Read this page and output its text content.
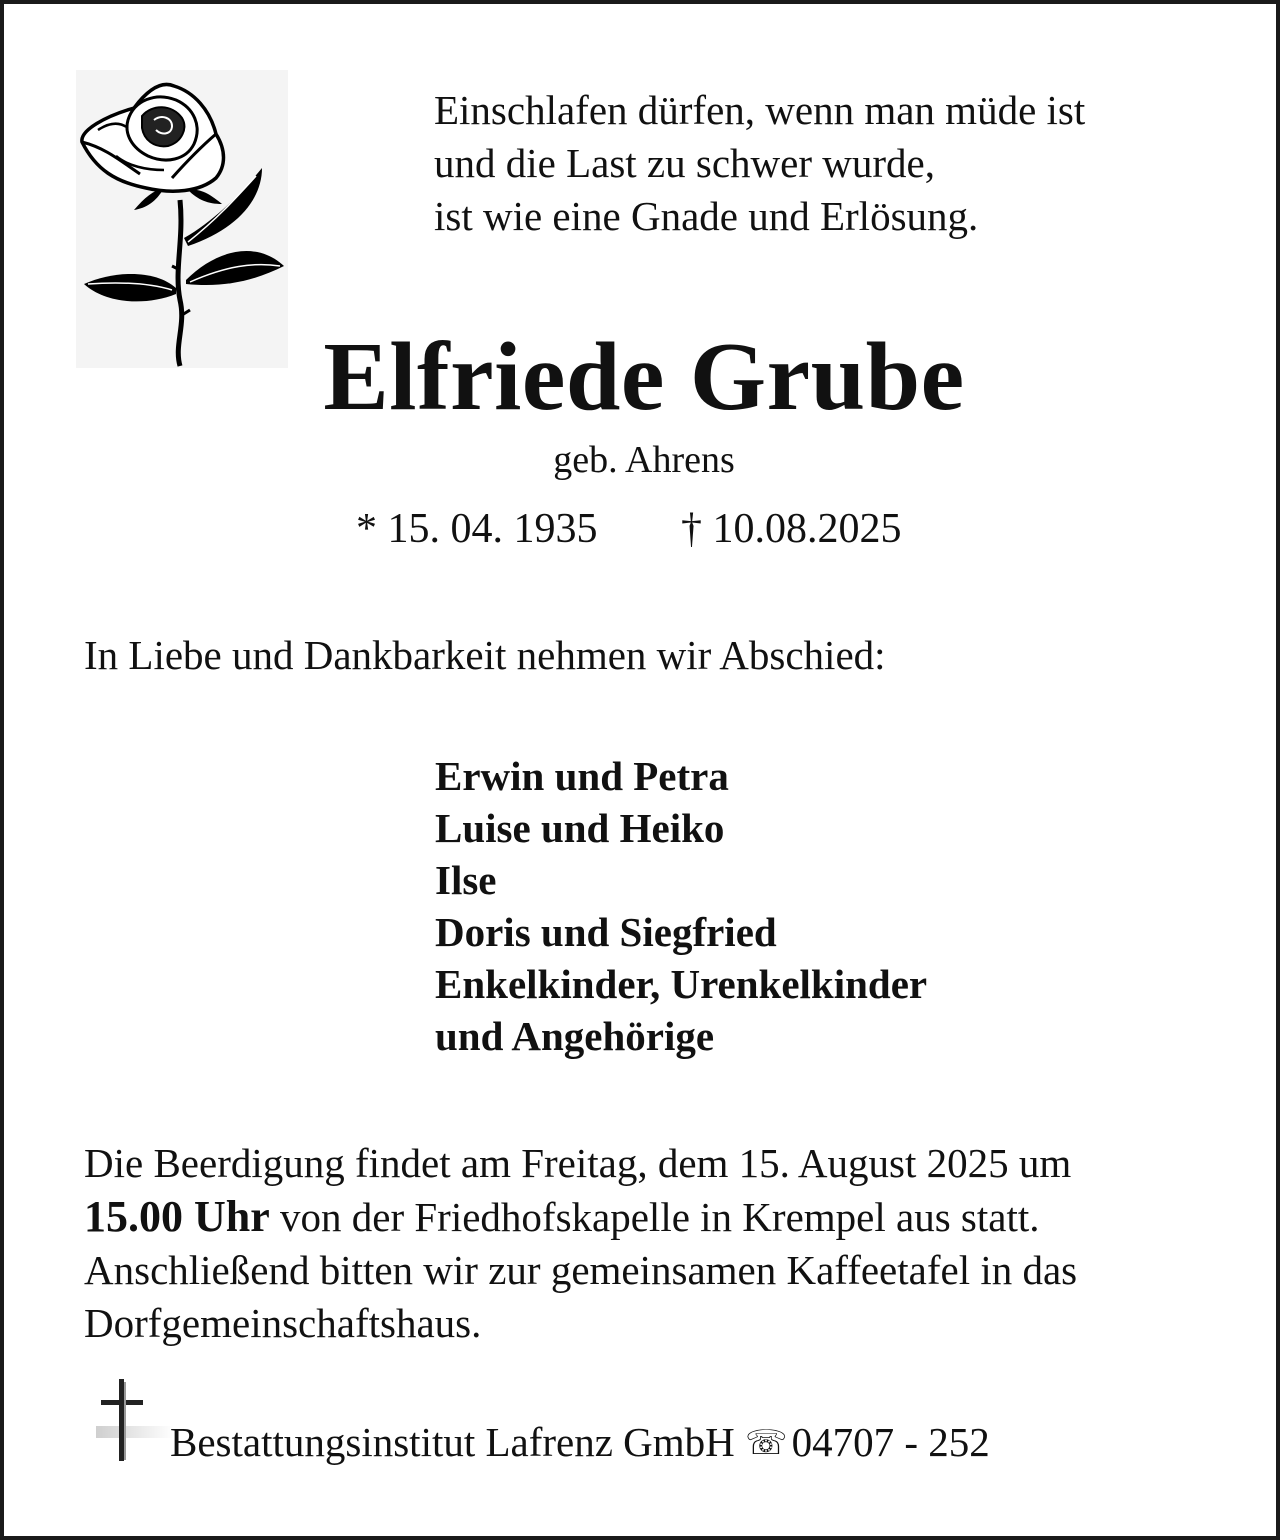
Einschlafen dürfen, wenn man müde ist
und die Last zu schwer wurde,
ist wie eine Gnade und Erlösung.
Elfriede Grube
geb. Ahrens
* 15. 04. 1935 † 10.08.2025
In Liebe und Dankbarkeit nehmen wir Abschied:
Erwin und Petra
Luise und Heiko
Ilse
Doris und Siegfried
Enkelkinder, Urenkelkinder
und Angehörige
Die Beerdigung findet am Freitag, dem 15. August 2025 um
15.00 Uhr von der Friedhofskapelle in Krempel aus statt.
Anschließend bitten wir zur gemeinsamen Kaffeetafel in das
Dorfgemeinschaftshaus.
Bestattungsinstitut Lafrenz GmbH ☏04707 - 252
